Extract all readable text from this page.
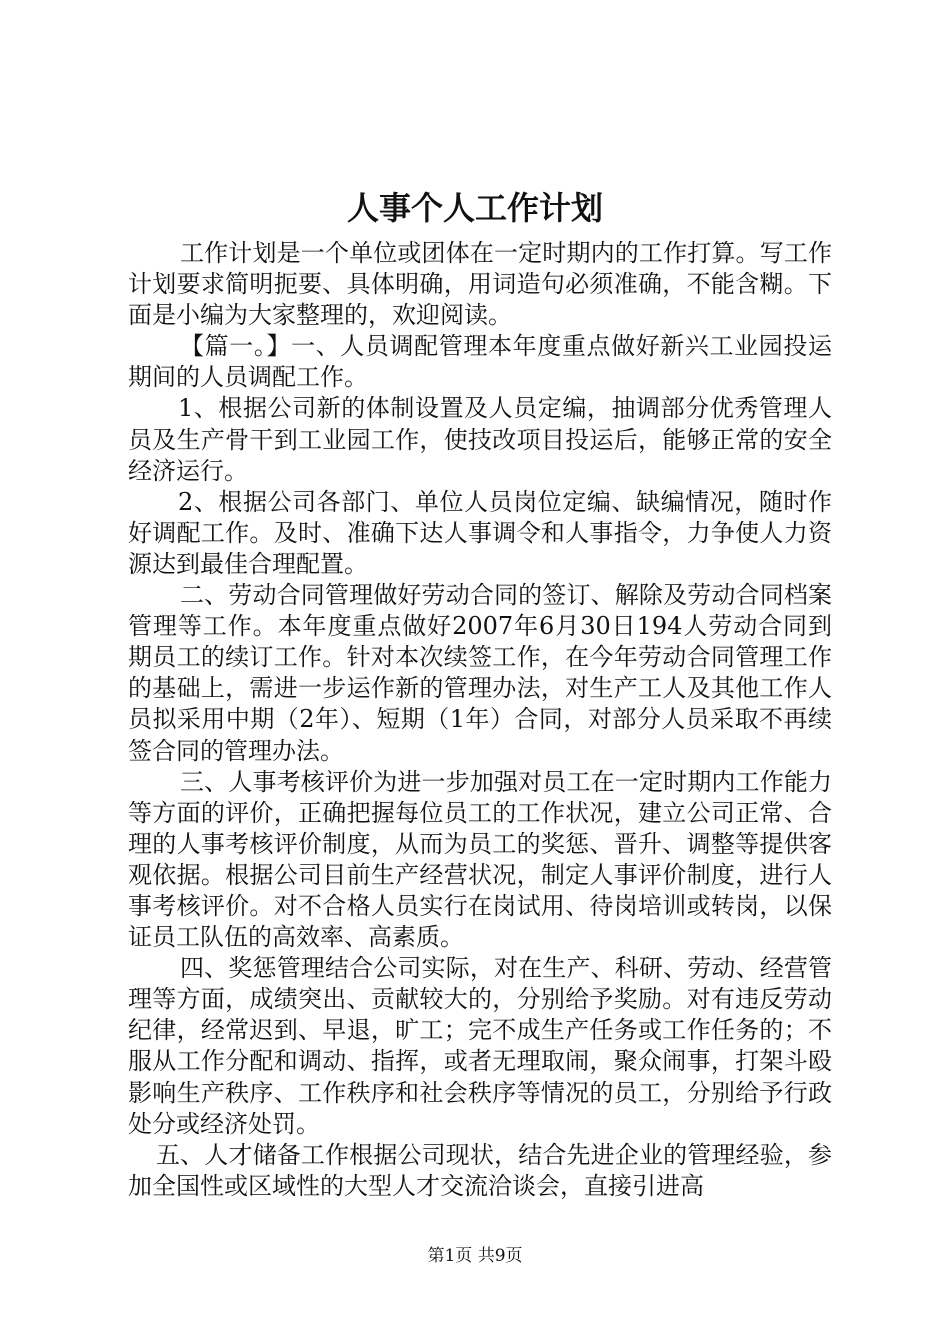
人事个人工作计划

工作计划是一个单位或团体在一定时期内的工作打算。写工作计划要求简明扼要、具体明确，用词造句必须准确，不能含糊。下面是小编为大家整理的，欢迎阅读。

【篇一。】一、人员调配管理本年度重点做好新兴工业园投运期间的人员调配工作。

1、根据公司新的体制设置及人员定编，抽调部分优秀管理人员及生产骨干到工业园工作，使技改项目投运后，能够正常的安全经济运行。

2、根据公司各部门、单位人员岗位定编、缺编情况，随时作好调配工作。及时、准确下达人事调令和人事指令，力争使人力资源达到最佳合理配置。

二、劳动合同管理做好劳动合同的签订、解除及劳动合同档案管理等工作。本年度重点做好2007年6月30日194人劳动合同到期员工的续订工作。针对本次续签工作，在今年劳动合同管理工作的基础上，需进一步运作新的管理办法，对生产工人及其他工作人员拟采用中期（2年）、短期（1年）合同，对部分人员采取不再续签合同的管理办法。

三、人事考核评价为进一步加强对员工在一定时期内工作能力等方面的评价，正确把握每位员工的工作状况，建立公司正常、合理的人事考核评价制度，从而为员工的奖惩、晋升、调整等提供客观依据。根据公司目前生产经营状况，制定人事评价制度，进行人事考核评价。对不合格人员实行在岗试用、待岗培训或转岗，以保证员工队伍的高效率、高素质。

四、奖惩管理结合公司实际，对在生产、科研、劳动、经营管理等方面，成绩突出、贡献较大的，分别给予奖励。对有违反劳动纪律，经常迟到、早退，旷工；完不成生产任务或工作任务的；不服从工作分配和调动、指挥，或者无理取闹，聚众闹事，打架斗殴影响生产秩序、工作秩序和社会秩序等情况的员工，分别给予行政处分或经济处罚。

五、人才储备工作根据公司现状，结合先进企业的管理经验，参加全国性或区域性的大型人才交流洽谈会，直接引进高

第1页 共9页
